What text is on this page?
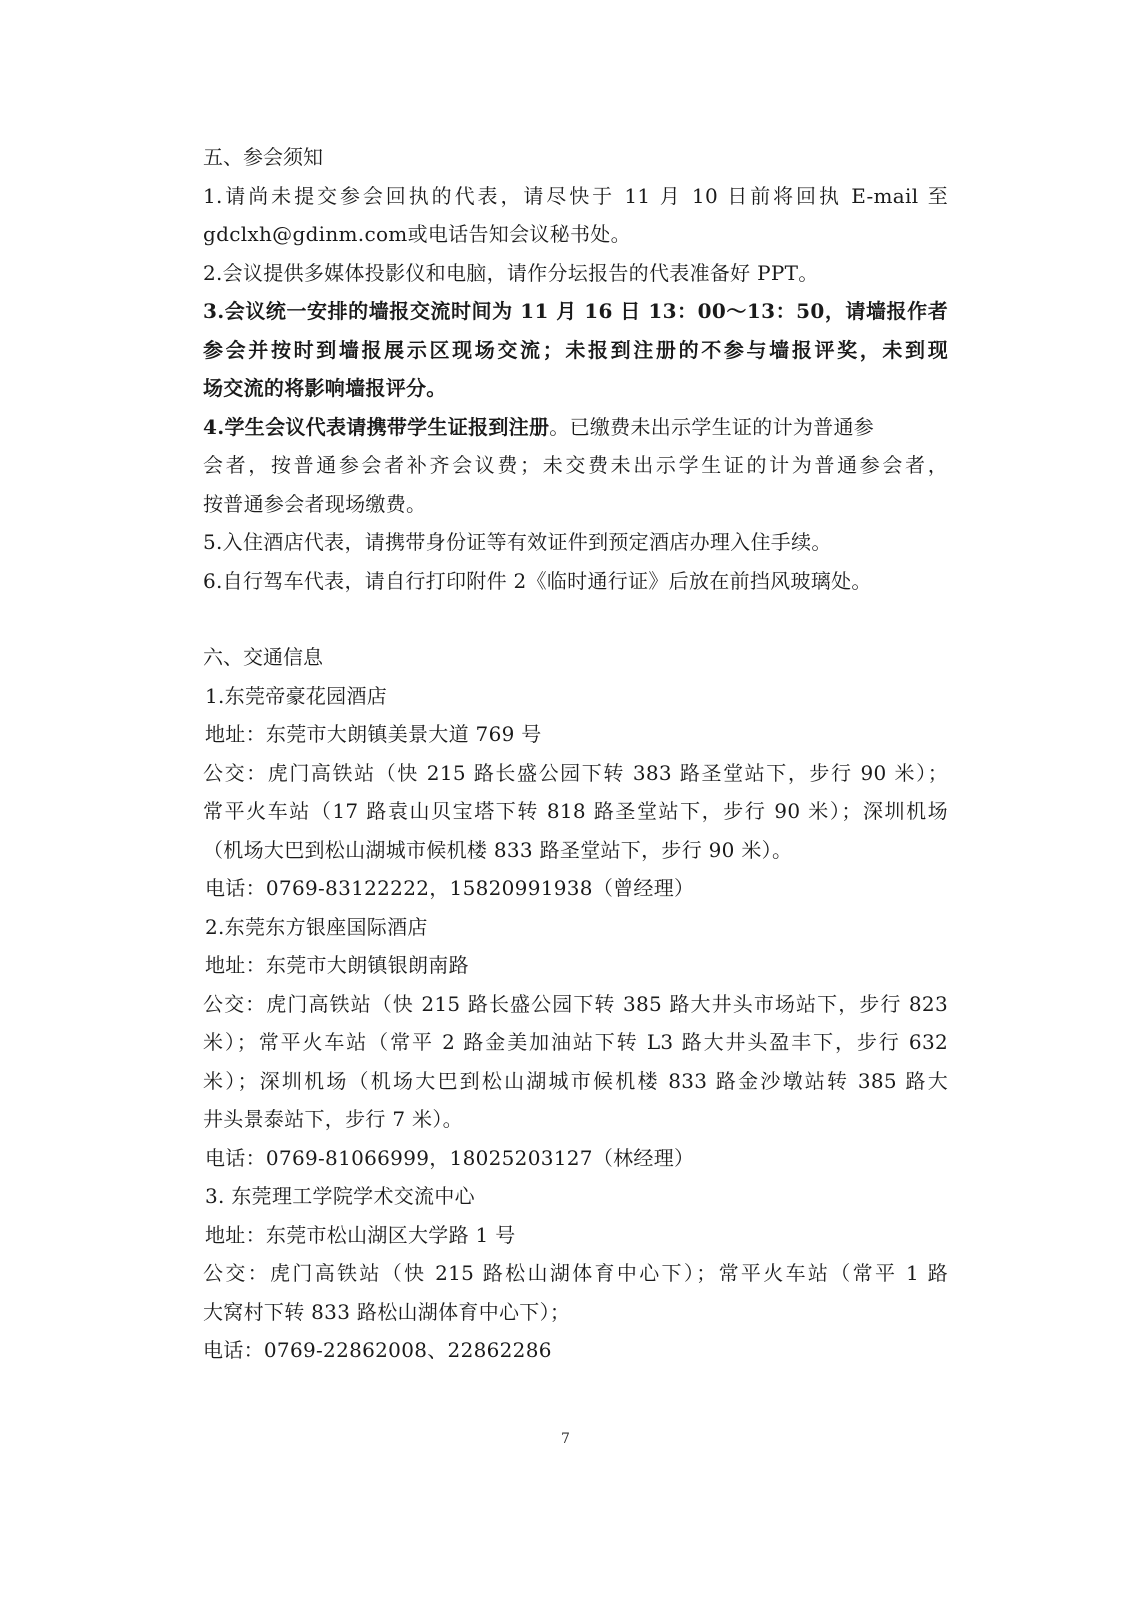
五、参会须知
1.请尚未提交参会回执的代表，请尽快于 11 月 10 日前将回执 E-mail 至
gdclxh@gdinm.com或电话告知会议秘书处。
2.会议提供多媒体投影仪和电脑，请作分坛报告的代表准备好 PPT。
3.会议统一安排的墙报交流时间为 11 月 16 日 13：00～13：50，请墙报作者
参会并按时到墙报展示区现场交流；未报到注册的不参与墙报评奖，未到现
场交流的将影响墙报评分。
4.学生会议代表请携带学生证报到注册。已缴费未出示学生证的计为普通参
会者，按普通参会者补齐会议费；未交费未出示学生证的计为普通参会者，
按普通参会者现场缴费。
5.入住酒店代表，请携带身份证等有效证件到预定酒店办理入住手续。
6.自行驾车代表，请自行打印附件 2《临时通行证》后放在前挡风玻璃处。
六、交通信息
1.东莞帝豪花园酒店
地址：东莞市大朗镇美景大道 769 号
公交：虎门高铁站（快 215 路长盛公园下转 383 路圣堂站下，步行 90 米）；
常平火车站（17 路袁山贝宝塔下转 818 路圣堂站下，步行 90 米）；深圳机场
（机场大巴到松山湖城市候机楼 833 路圣堂站下，步行 90 米）。
电话：0769-83122222，15820991938（曾经理）
2.东莞东方银座国际酒店
地址：东莞市大朗镇银朗南路
公交：虎门高铁站（快 215 路长盛公园下转 385 路大井头市场站下，步行 823
米）；常平火车站（常平 2 路金美加油站下转 L3 路大井头盈丰下，步行 632
米）；深圳机场（机场大巴到松山湖城市候机楼 833 路金沙墩站转 385 路大
井头景泰站下，步行 7 米）。
电话：0769-81066999，18025203127（林经理）
3. 东莞理工学院学术交流中心
地址：东莞市松山湖区大学路 1 号
公交：虎门高铁站（快 215 路松山湖体育中心下）；常平火车站（常平 1 路
大窝村下转 833 路松山湖体育中心下）；
电话：0769-22862008、22862286
7
